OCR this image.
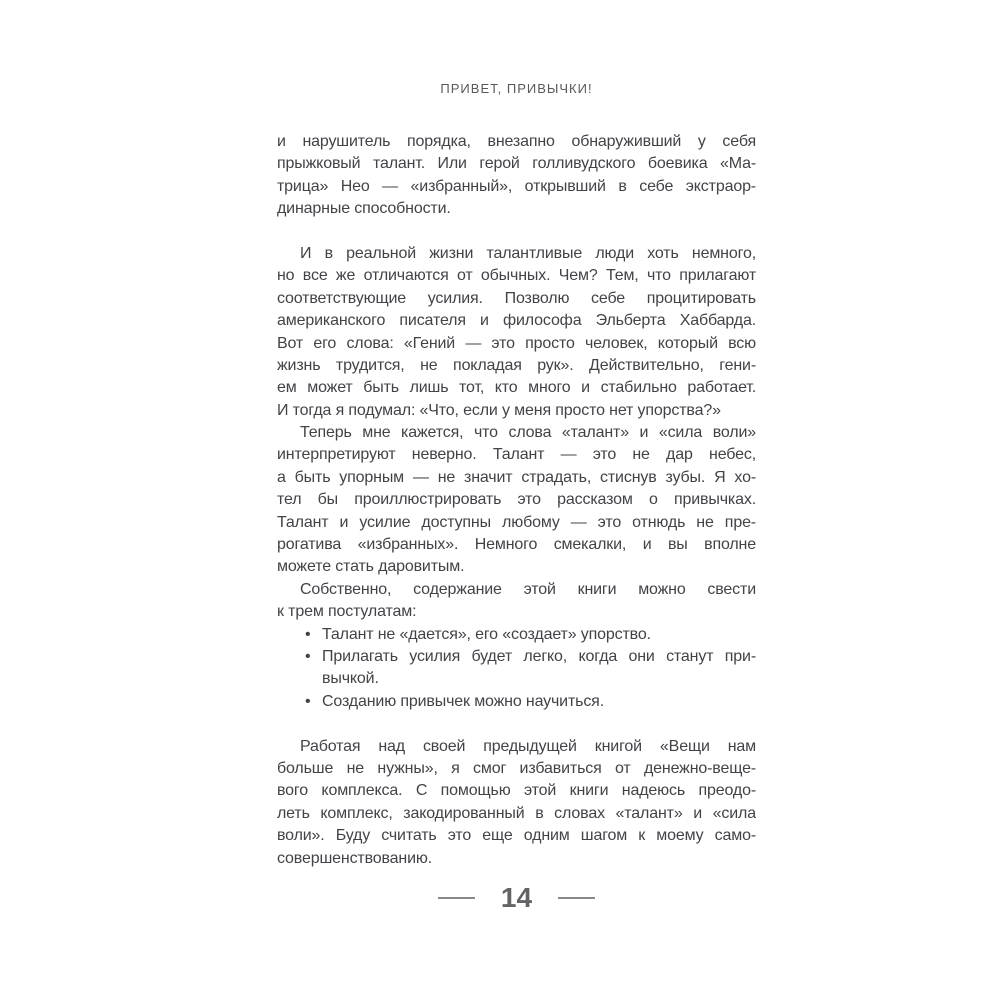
ПРИВЕТ, ПРИВЫЧКИ!
и нарушитель порядка, внезапно обнаруживший у себя
прыжковый талант. Или герой голливудского боевика «Ма-
трица» Нео — «избранный», открывший в себе экстраор-
динарные способности.
И в реальной жизни талантливые люди хоть немного,
но все же отличаются от обычных. Чем? Тем, что прилагают
соответствующие усилия. Позволю себе процитировать
американского писателя и философа Эльберта Хаббарда.
Вот его слова: «Гений — это просто человек, который всю
жизнь трудится, не покладая рук». Действительно, гени-
ем может быть лишь тот, кто много и стабильно работает.
И тогда я подумал: «Что, если у меня просто нет упорства?»
Теперь мне кажется, что слова «талант» и «сила воли»
интерпретируют неверно. Талант — это не дар небес,
а быть упорным — не значит страдать, стиснув зубы. Я хо-
тел бы проиллюстрировать это рассказом о привычках.
Талант и усилие доступны любому — это отнюдь не пре-
рогатива «избранных». Немного смекалки, и вы вполне
можете стать даровитым.
Собственно, содержание этой книги можно свести
к трем постулатам:
• Талант не «дается», его «создает» упорство.
• Прилагать усилия будет легко, когда они станут при-
вычкой.
• Созданию привычек можно научиться.
Работая над своей предыдущей книгой «Вещи нам
больше не нужны», я смог избавиться от денежно-веще-
вого комплекса. С помощью этой книги надеюсь преодо-
леть комплекс, закодированный в словах «талант» и «сила
воли». Буду считать это еще одним шагом к моему само-
совершенствованию.
14
